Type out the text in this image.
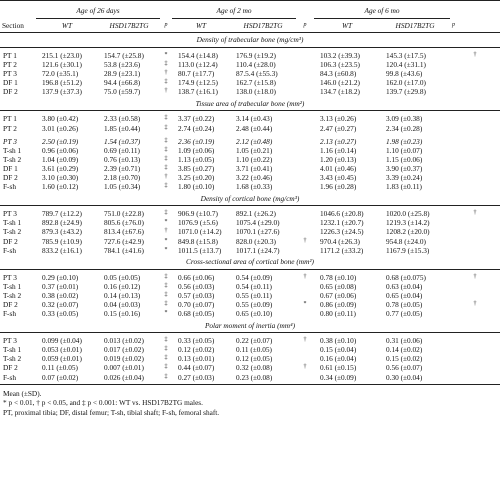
	Age of 26 days			Age of 2 mo			Age of 6 mo		
Section	WT	HSD17B2TG	p	WT	HSD17B2TG	p	WT	HSD17B2TG	p
Density of trabecular bone (mg/cm³)									

PT 1	215.1 (±23.0)	154.7 (±25.8)	*	154.4 (±14.8)	176.9 (±19.2)		103.2 (±39.3)	145.3 (±17.5)	†
PT 2	121.6 (±30.1)	53.8 (±23.6)	‡	113.0 (±12.4)	110.4 (±28.0)		106.3 (±23.5)	120.4 (±31.1)	
PT 3	72.0 (±35.1)	28.9 (±23.1)	†	80.7 (±17.7)	87.5.4 (±55.3)		84.3 (±60.8)	99.8 (±43.6)	
DF 1	196.8 (±51.2)	94.4 (±66.8)	‡	174.9 (±12.5)	162.7 (±15.8)		146.0 (±21.2)	162.0 (±17.0)	
DF 2	137.9 (±37.3)	75.0 (±59.7)	†	138.7 (±16.1)	138.0 (±18.0)		134.7 (±18.2)	139.7 (±29.8)	
Tissue area of trabecular bone (mm²)									

PT 1	3.80 (±0.42)	2.33 (±0.58)	‡	3.37 (±0.22)	3.14 (±0.43)		3.13 (±0.26)	3.09 (±0.38)	
PT 2	3.01 (±0.26)	1.85 (±0.44)	‡	2.74 (±0.24)	2.48 (±0.44)		2.47 (±0.27)	2.34 (±0.28)	
PT 3	2.50 (±0.19)	1.54 (±0.37)	‡	2.36 (±0.19)	2.12 (±0.48)		2.13 (±0.27)	1.98 (±0.23)	
T-sh 1	0.96 (±0.06)	0.69 (±0.11)	‡	1.09 (±0.06)	1.05 (±0.21)		1.16 (±0.14)	1.10 (±0.07)	
T-sh 2	1.04 (±0.09)	0.76 (±0.13)	‡	1.13 (±0.05)	1.10 (±0.22)		1.20 (±0.13)	1.15 (±0.06)	
DF 1	3.61 (±0.29)	2.39 (±0.71)	‡	3.85 (±0.27)	3.71 (±0.41)		4.01 (±0.46)	3.90 (±0.37)	
DF 2	3.10 (±0.30)	2.18 (±0.70)	†	3.25 (±0.20)	3.22 (±0.46)		3.43 (±0.45)	3.39 (±0.24)	
F-sh	1.60 (±0.12)	1.05 (±0.34)	‡	1.80 (±0.10)	1.68 (±0.33)		1.96 (±0.28)	1.83 (±0.11)	
Density of cortical bone (mg/cm³)									

PT 3	789.7 (±12.2)	751.0 (±22.8)	‡	906.9 (±10.7)	892.1 (±26.2)		1046.6 (±20.8)	1020.0 (±25.8)	†
T-sh 1	892.8 (±24.9)	805.6 (±76.0)	*	1076.9 (±5.6)	1075.4 (±29.0)		1232.1 (±20.7)	1219.3 (±14.2)	
T-sh 2	879.3 (±43.2)	813.4 (±67.6)	†	1071.0 (±14.2)	1070.1 (±27.6)		1226.3 (±24.5)	1208.2 (±20.0)	
DF 2	785.9 (±10.9)	727.6 (±42.9)	*	849.8 (±15.8)	828.0 (±20.3)	†	970.4 (±26.3)	954.8 (±24.0)	
F-sh	833.2 (±16.1)	784.1 (±41.6)	*	1011.5 (±13.7)	1017.1 (±24.7)		1171.2 (±33.2)	1167.9 (±15.3)	
Cross-sectional area of cortical bone (mm²)									

PT 3	0.29 (±0.10)	0.05 (±0.05)	‡	0.66 (±0.06)	0.54 (±0.09)	†	0.78 (±0.10)	0.68 (±0.075)	†
T-sh 1	0.37 (±0.01)	0.16 (±0.12)	‡	0.56 (±0.03)	0.54 (±0.11)		0.65 (±0.08)	0.63 (±0.04)	
T-sh 2	0.38 (±0.02)	0.14 (±0.13)	‡	0.57 (±0.03)	0.55 (±0.11)		0.67 (±0.06)	0.65 (±0.04)	
DF 2	0.32 (±0.07)	0.04 (±0.03)	‡	0.70 (±0.07)	0.55 (±0.09)	*	0.86 (±0.09)	0.78 (±0.05)	†
F-sh	0.33 (±0.05)	0.15 (±0.16)	*	0.68 (±0.05)	0.65 (±0.10)		0.80 (±0.11)	0.77 (±0.05)	
Polar moment of inertia (mm⁴)									

PT 3	0.099 (±0.04)	0.013 (±0.02)	‡	0.33 (±0.05)	0.22 (±0.07)	†	0.38 (±0.10)	0.31 (±0.06)	
T-sh 1	0.053 (±0.01)	0.017 (±0.02)	‡	0.12 (±0.02)	0.11 (±0.05)		0.15 (±0.04)	0.14 (±0.02)	
T-sh 2	0.059 (±0.01)	0.019 (±0.02)	‡	0.13 (±0.01)	0.12 (±0.05)		0.16 (±0.04)	0.15 (±0.02)	
DF 2	0.11 (±0.05)	0.007 (±0.01)	‡	0.44 (±0.07)	0.32 (±0.08)	†	0.61 (±0.15)	0.56 (±0.07)	
F-sh	0.07 (±0.02)	0.026 (±0.04)	‡	0.27 (±0.03)	0.23 (±0.08)		0.34 (±0.09)	0.30 (±0.04)	
Mean (±SD).
* p < 0.01, † p < 0.05, and ‡ p < 0.001: WT vs. HSD17B2TG males.
PT, proximal tibia; DF, distal femur; T-sh, tibial shaft; F-sh, femoral shaft.
